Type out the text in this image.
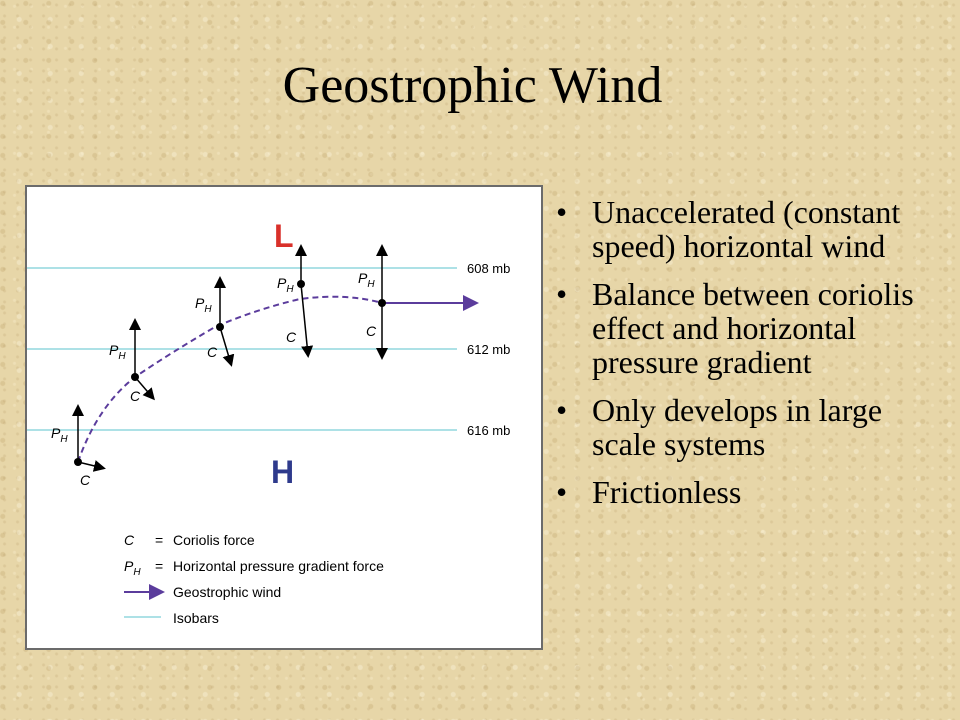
Geostrophic Wind
608 mb
612 mb
616 mb
L
H
$P_H$
C
$P_H$
C
$P_H$
C
$P_H$
C
$P_H$
C
C = Coriolis force
$P_H$ = Horizontal pressure gradient force
Geostrophic wind
Isobars
• Unaccelerated (constant speed) horizontal wind
• Balance between coriolis effect and horizontal pressure gradient
• Only develops in large scale systems
• Frictionless
